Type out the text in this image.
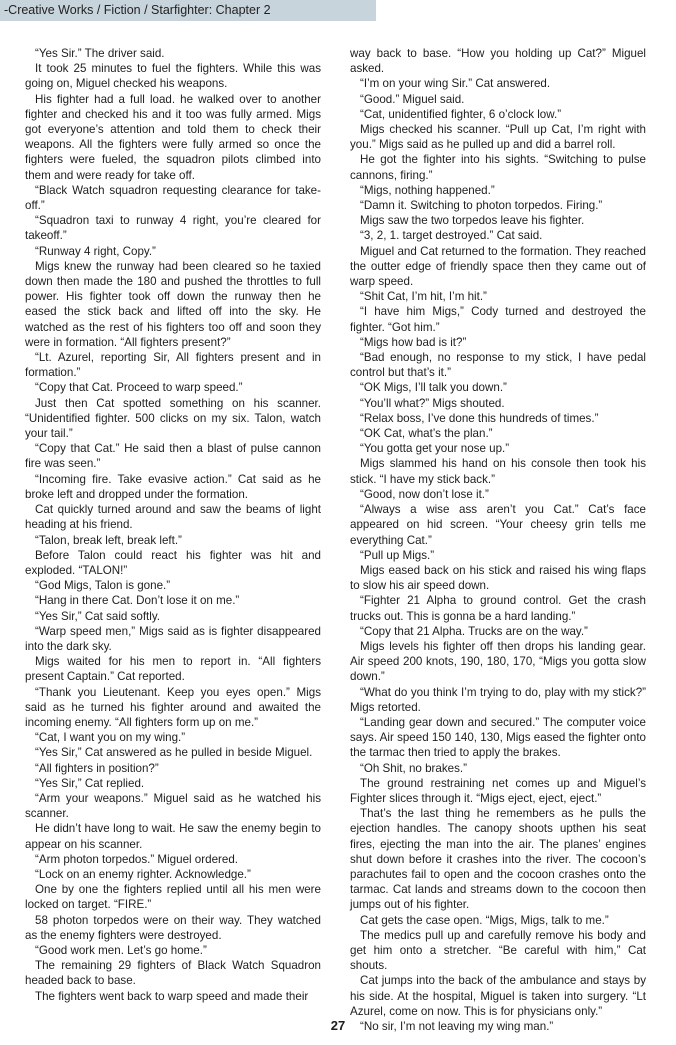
-Creative Works / Fiction / Starfighter: Chapter 2

“Yes Sir.” The driver said.

It took 25 minutes to fuel the fighters. While this was going on, Miguel checked his weapons.

His fighter had a full load. he walked over to another fighter and checked his and it too was fully armed. Migs got everyone’s attention and told them to check their weapons. All the fighters were fully armed so once the fighters were fueled, the squadron pilots climbed into them and were ready for take off.

“Black Watch squadron requesting clearance for take-off.”

“Squadron taxi to runway 4 right, you’re cleared for takeoff.”

“Runway 4 right, Copy.”

Migs knew the runway had been cleared so he taxied down then made the 180 and pushed the throttles to full power. His fighter took off down the runway then he eased the stick back and lifted off into the sky. He watched as the rest of his fighters too off and soon they were in formation. “All fighters present?”

“Lt. Azurel, reporting Sir, All fighters present and in formation.”

“Copy that Cat. Proceed to warp speed.”

Just then Cat spotted something on his scanner. “Unidentified fighter. 500 clicks on my six. Talon, watch your tail.”

“Copy that Cat.” He said then a blast of pulse cannon fire was seen.”

“Incoming fire. Take evasive action.” Cat said as he broke left and dropped under the formation.

Cat quickly turned around and saw the beams of light heading at his friend.

“Talon, break left, break left.”

Before Talon could react his fighter was hit and exploded. “TALON!”

“God Migs, Talon is gone.”

“Hang in there Cat. Don’t lose it on me.”

“Yes Sir,” Cat said softly.

“Warp speed men,” Migs said as is fighter disappeared into the dark sky.

Migs waited for his men to report in. “All fighters present Captain.” Cat reported.

“Thank you Lieutenant. Keep you eyes open.” Migs said as he turned his fighter around and awaited the incoming enemy. “All fighters form up on me.”

“Cat, I want you on my wing.”

“Yes Sir,” Cat answered as he pulled in beside Miguel.

“All fighters in position?”

“Yes Sir,” Cat replied.

“Arm your weapons.” Miguel said as he watched his scanner.

He didn’t have long to wait. He saw the enemy begin to appear on his scanner.

“Arm photon torpedos.” Miguel ordered.

“Lock on an enemy righter. Acknowledge.”

One by one the fighters replied until all his men were locked on target. “FIRE.”

58 photon torpedos were on their way. They watched as the enemy fighters were destroyed.

“Good work men. Let’s go home.”

The remaining 29 fighters of Black Watch Squadron headed back to base.

The fighters went back to warp speed and made their

way back to base. “How you holding up Cat?” Miguel asked.

“I’m on your wing Sir.” Cat answered.

“Good.” Miguel said.

“Cat, unidentified fighter, 6 o’clock low.”

Migs checked his scanner. “Pull up Cat, I’m right with you.” Migs said as he pulled up and did a barrel roll.

He got the fighter into his sights. “Switching to pulse cannons, firing.”

“Migs, nothing happened.”

“Damn it. Switching to photon torpedos. Firing.”

Migs saw the two torpedos leave his fighter.

“3, 2, 1. target destroyed.” Cat said.

Miguel and Cat returned to the formation. They reached the outter edge of friendly space then they came out of warp speed.

“Shit Cat, I’m hit, I’m hit.”

“I have him Migs,” Cody turned and destroyed the fighter. “Got him.”

“Migs how bad is it?”

“Bad enough, no response to my stick, I have pedal control but that’s it.”

“OK Migs, I’ll talk you down.”

“You’ll what?” Migs shouted.

“Relax boss, I’ve done this hundreds of times.”

“OK Cat, what’s the plan.”

“You gotta get your nose up.”

Migs slammed his hand on his console then took his stick. “I have my stick back.”

“Good, now don’t lose it.”

“Always a wise ass aren’t you Cat.” Cat’s face appeared on hid screen. “Your cheesy grin tells me everything Cat.”

“Pull up Migs.”

Migs eased back on his stick and raised his wing flaps to slow his air speed down.

“Fighter 21 Alpha to ground control. Get the crash trucks out. This is gonna be a hard landing.”

“Copy that 21 Alpha. Trucks are on the way.”

Migs levels his fighter off then drops his landing gear. Air speed 200 knots, 190, 180, 170, “Migs you gotta slow down.”

“What do you think I’m trying to do, play with my stick?” Migs retorted.

“Landing gear down and secured.” The computer voice says. Air speed 150 140, 130, Migs eased the fighter onto the tarmac then tried to apply the brakes.

“Oh Shit, no brakes.”

The ground restraining net comes up and Miguel’s Fighter slices through it. “Migs eject, eject, eject.”

That’s the last thing he remembers as he pulls the ejection handles. The canopy shoots upthen his seat fires, ejecting the man into the air. The planes’ engines shut down before it crashes into the river. The cocoon’s parachutes fail to open and the cocoon crashes onto the tarmac. Cat lands and streams down to the cocoon then jumps out of his fighter.

Cat gets the case open. “Migs, Migs, talk to me.”

The medics pull up and carefully remove his body and get him onto a stretcher. “Be careful with him,” Cat shouts.

Cat jumps into the back of the ambulance and stays by his side. At the hospital, Miguel is taken into surgery. “Lt Azurel, come on now. This is for physicians only.”

“No sir, I’m not leaving my wing man.”

27
